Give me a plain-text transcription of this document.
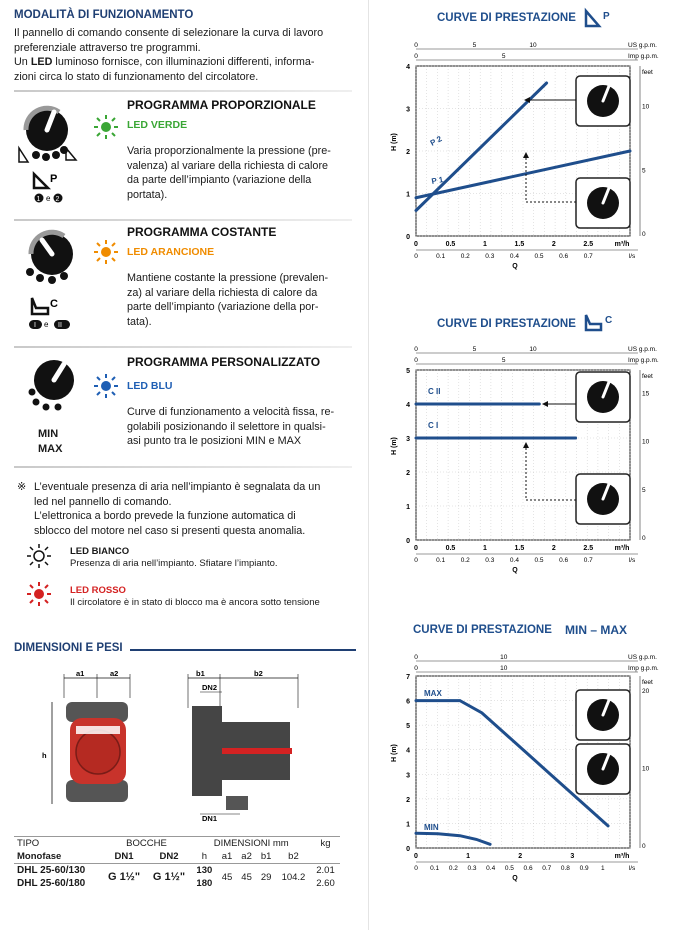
MODALITÀ DI FUNZIONAMENTO
Il pannello di comando consente di selezionare la curva di lavoro
preferenziale attraverso tre programmi.
Un LED luminoso fornisce, con illuminazioni differenti, informa-
zioni circa lo stato di funzionamento del circolatore.
P
1 e 2
PROGRAMMA PROPORZIONALE
LED VERDE
Varia proporzionalmente la pressione (pre-
valenza) al variare della richiesta di calore
da parte dell’impianto (variazione della
portata).
C
I e II
PROGRAMMA COSTANTE
LED ARANCIONE
Mantiene costante la pressione (prevalen-
za) al variare della richiesta di calore da
parte dell’impianto (variazione della por-
tata).
MIN
MAX
PROGRAMMA PERSONALIZZATO
LED BLU
Curve di funzionamento a velocità fissa, re-
golabili posizionando il selettore in qualsi-
asi punto tra le posizioni MIN e MAX
※ L’eventuale presenza di aria nell’impianto è segnalata da un
led nel pannello di comando.
L’elettronica a bordo prevede la funzione automatica di
sblocco del motore nel caso si presenti questa anomalia.
LED BIANCO
Presenza di aria nell’impianto. Sfiatare l’impianto.
LED ROSSO
Il circolatore è in stato di blocco ma è ancora sotto tensione
DIMENSIONI E PESI
a1	a2
h
b1	b2
DN2
DN1
TIPO	BOCCHE		DIMENSIONI mm					kg
Monofase	DN1	DN2	h	a1	a2	b1	b2	
DHL 25-60/130	G 1½"	G 1½"	130	45	45	29	104.2	2.01
DHL 25-60/180			180					2.60
CURVE DI PRESTAZIONE	P
0	5	10	US g.p.m.
0	5	Imp g.p.m.
0
1
2
3
4
0
5
10
feet
H (m)
0	0.5	1	1.5	2	2.5	m³/h
0	0.1 0.2 0.3 0.4 0.5 0.6 0.7	l/s
Q
P 2
P 1
CURVE DI PRESTAZIONE	C
0	5	10	US g.p.m.
0	5	Imp g.p.m.
0
1
2
3
4
5
0
5
10
15
feet
H (m)
0	0.5	1	1.5	2	2.5	m³/h
0	0.1 0.2 0.3 0.4 0.5 0.6 0.7	l/s
Q
C II
C I
CURVE DI PRESTAZIONE MIN – MAX
0	10	US g.p.m.
0	10	Imp g.p.m.
0
1
2
3
4
5
6
7
0
10
20
feet
H (m)
0	1	2	3	m³/h
0 0.1 0.2 0.3 0.4 0.5 0.6 0.7 0.8 0.9 1	l/s
Q
MAX
MIN
